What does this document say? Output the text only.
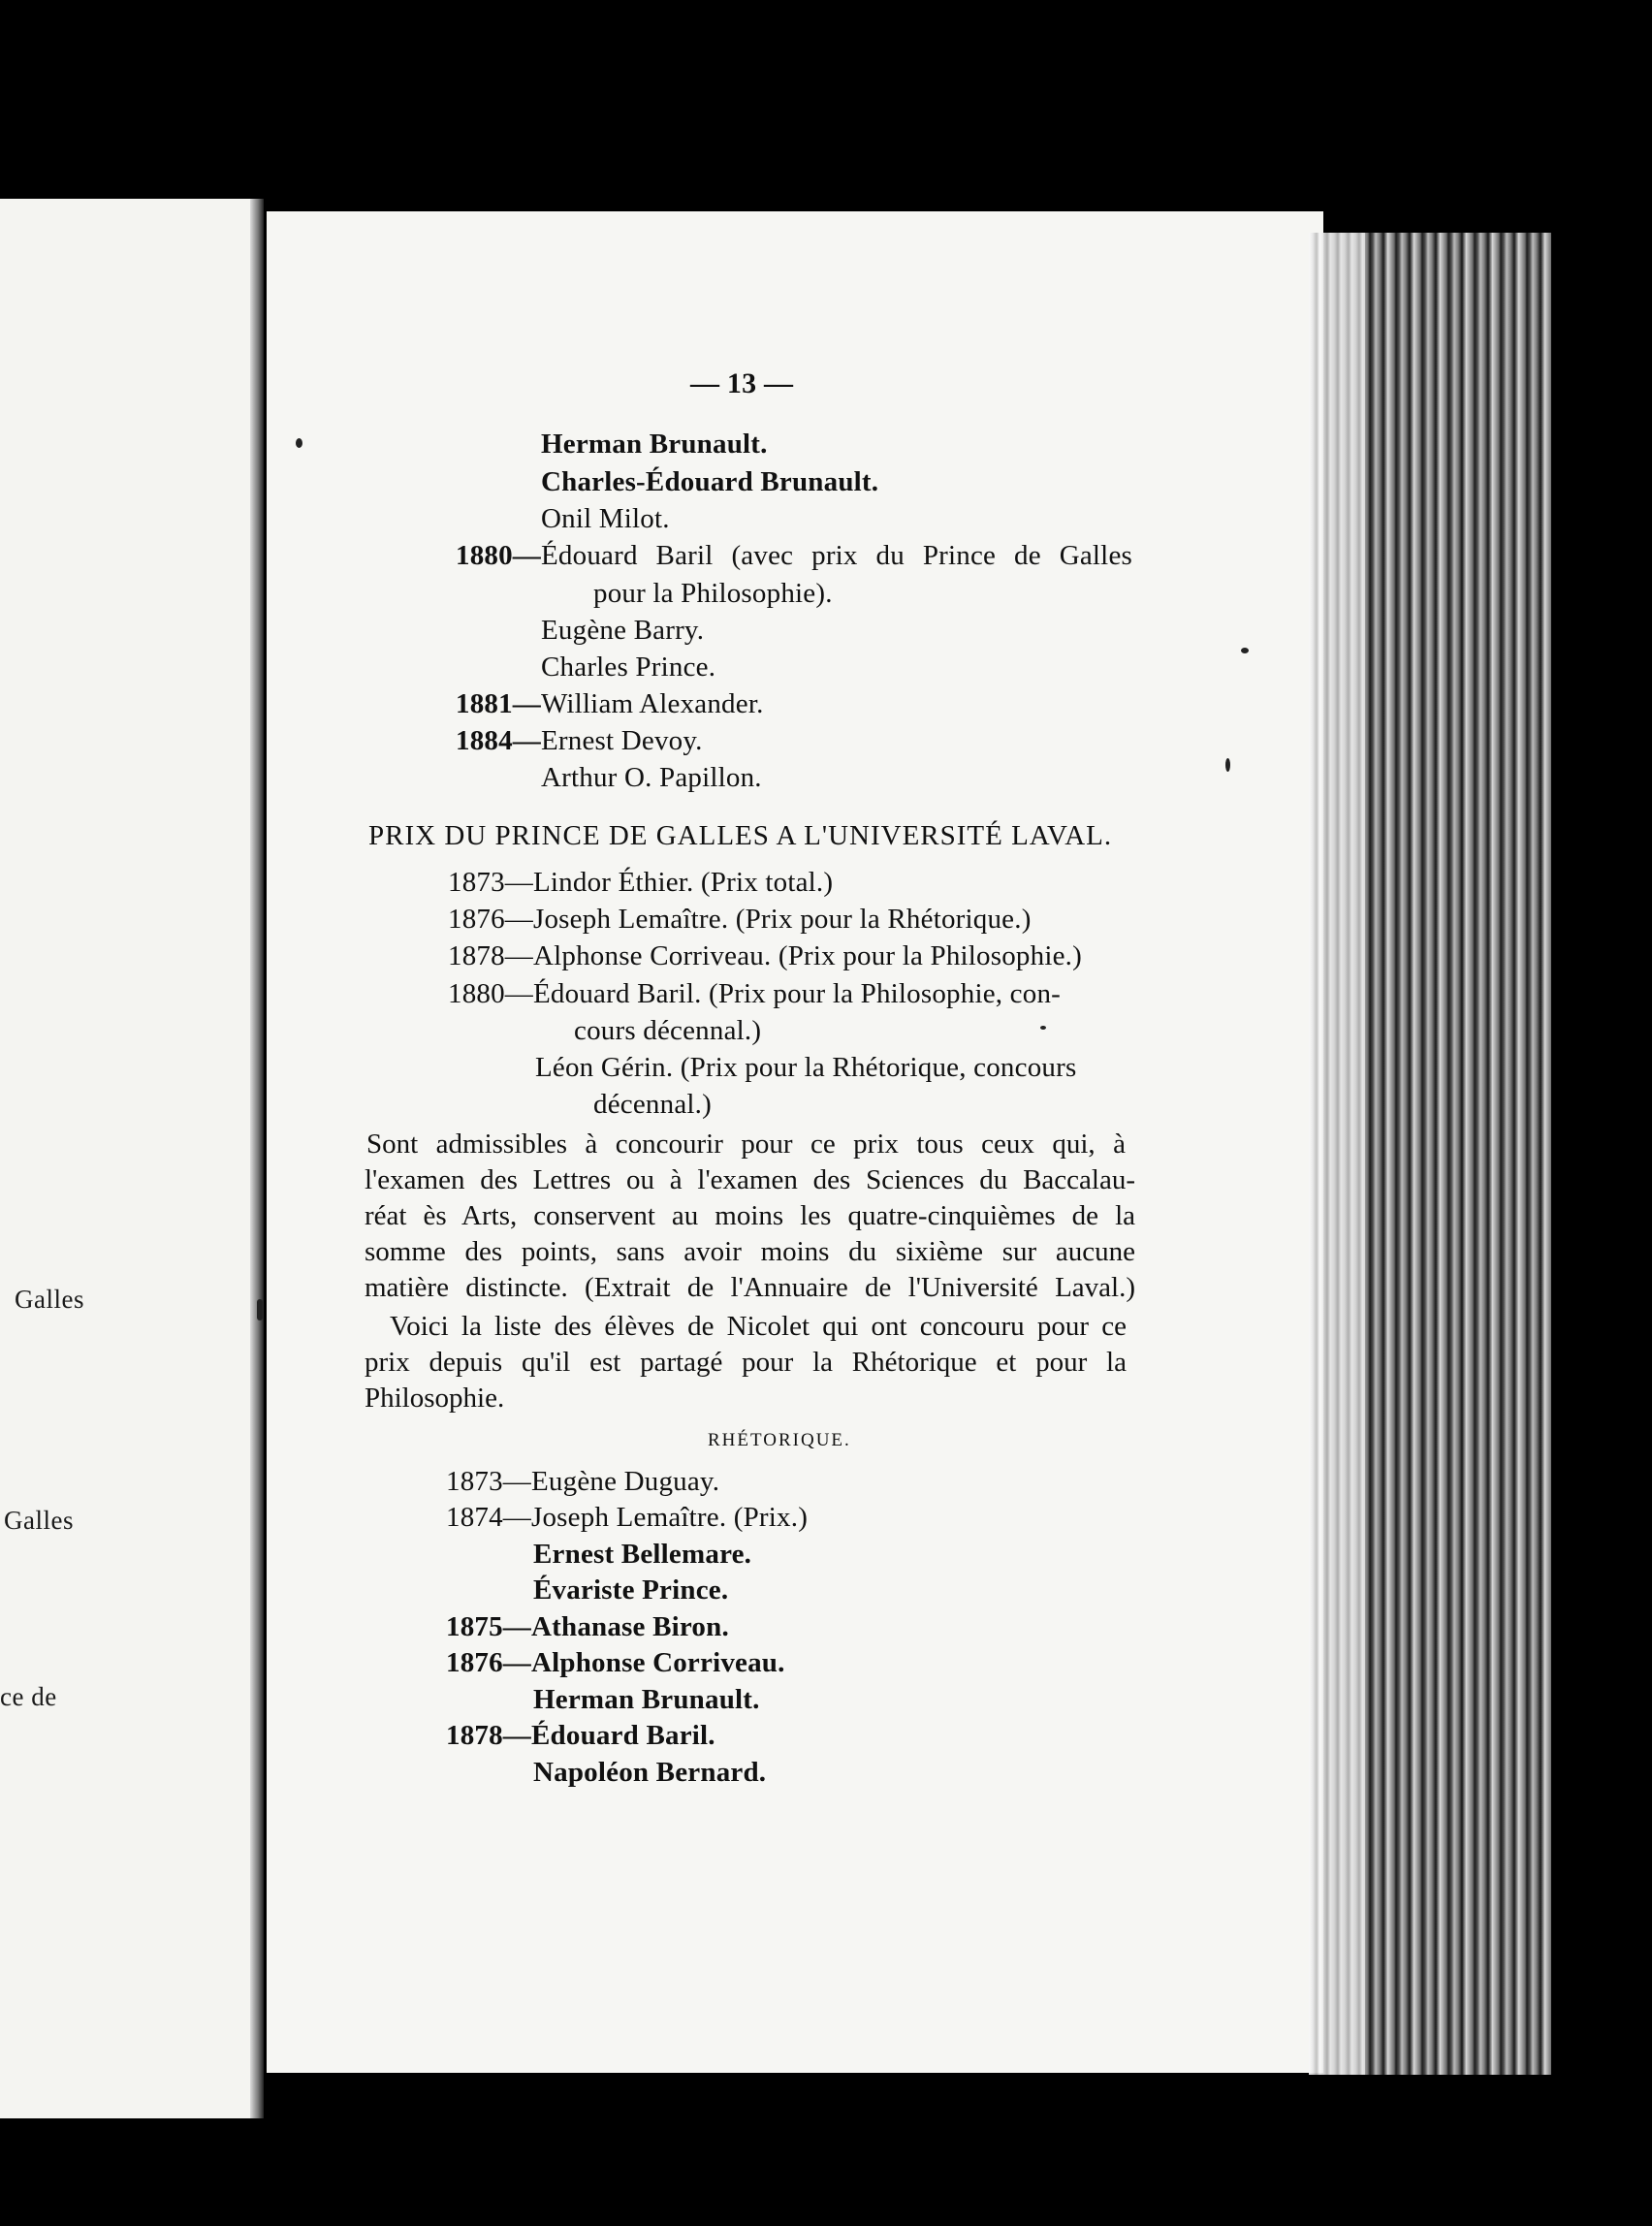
Galles
Galles
ce de
— 13 —
Herman Brunault.
Charles-Édouard Brunault.
Onil Milot.
1880—Édouard Baril (avec prix du Prince de Galles
pour la Philosophie).
Eugène Barry.
Charles Prince.
1881—William Alexander.
1884—Ernest Devoy.
Arthur O. Papillon.
PRIX DU PRINCE DE GALLES A L'UNIVERSITÉ LAVAL.
1873—Lindor Éthier. (Prix total.)
1876—Joseph Lemaître. (Prix pour la Rhétorique.)
1878—Alphonse Corriveau. (Prix pour la Philosophie.)
1880—Édouard Baril. (Prix pour la Philosophie, con-
cours décennal.)
Léon Gérin. (Prix pour la Rhétorique, concours
décennal.)
Sont admissibles à concourir pour ce prix tous ceux qui, à
l'examen des Lettres ou à l'examen des Sciences du Baccalau-
réat ès Arts, conservent au moins les quatre-cinquièmes de la
somme des points, sans avoir moins du sixième sur aucune
matière distincte. (Extrait de l'Annuaire de l'Université Laval.)
Voici la liste des élèves de Nicolet qui ont concouru pour ce
prix depuis qu'il est partagé pour la Rhétorique et pour la
Philosophie.
RHÉTORIQUE.
1873—Eugène Duguay.
1874—Joseph Lemaître. (Prix.)
Ernest Bellemare.
Évariste Prince.
1875—Athanase Biron.
1876—Alphonse Corriveau.
Herman Brunault.
1878—Édouard Baril.
Napoléon Bernard.
